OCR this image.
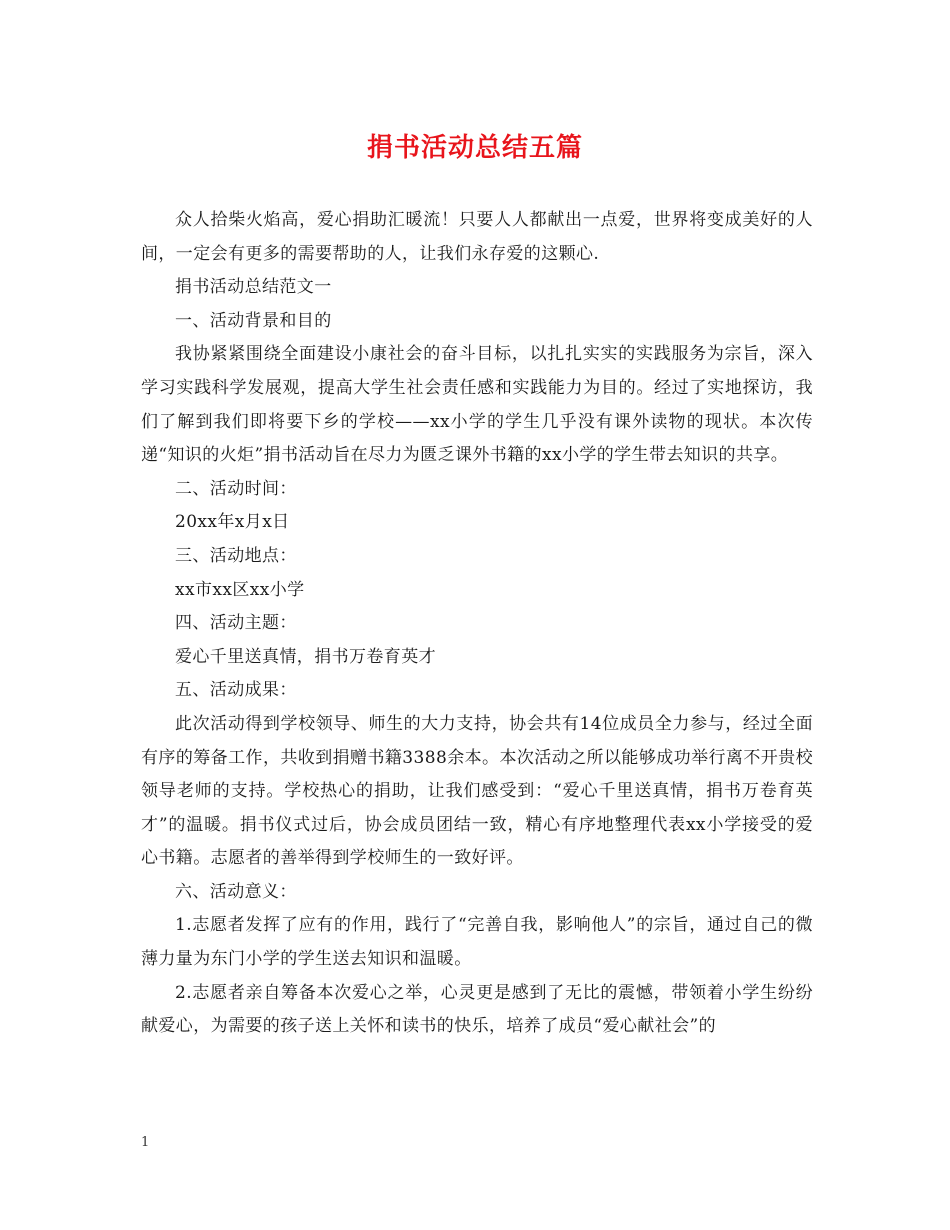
捐书活动总结五篇

众人拾柴火焰高，爱心捐助汇暖流！只要人人都献出一点爱，世界将变成美好的人间，一定会有更多的需要帮助的人，让我们永存爱的这颗心.

捐书活动总结范文一

一、活动背景和目的

我协紧紧围绕全面建设小康社会的奋斗目标，以扎扎实实的实践服务为宗旨，深入学习实践科学发展观，提高大学生社会责任感和实践能力为目的。经过了实地探访，我们了解到我们即将要下乡的学校——xx小学的学生几乎没有课外读物的现状。本次传递“知识的火炬”捐书活动旨在尽力为匮乏课外书籍的xx小学的学生带去知识的共享。

二、活动时间：

20xx年x月x日

三、活动地点：

xx市xx区xx小学

四、活动主题：

爱心千里送真情，捐书万卷育英才

五、活动成果：

此次活动得到学校领导、师生的大力支持，协会共有14位成员全力参与，经过全面有序的筹备工作，共收到捐赠书籍3388余本。本次活动之所以能够成功举行离不开贵校领导老师的支持。学校热心的捐助，让我们感受到：“爱心千里送真情，捐书万卷育英才”的温暖。捐书仪式过后，协会成员团结一致，精心有序地整理代表xx小学接受的爱心书籍。志愿者的善举得到学校师生的一致好评。

六、活动意义：

1.志愿者发挥了应有的作用，践行了“完善自我，影响他人”的宗旨，通过自己的微薄力量为东门小学的学生送去知识和温暖。

2.志愿者亲自筹备本次爱心之举，心灵更是感到了无比的震憾，带领着小学生纷纷献爱心，为需要的孩子送上关怀和读书的快乐，培养了成员“爱心献社会”的

1
